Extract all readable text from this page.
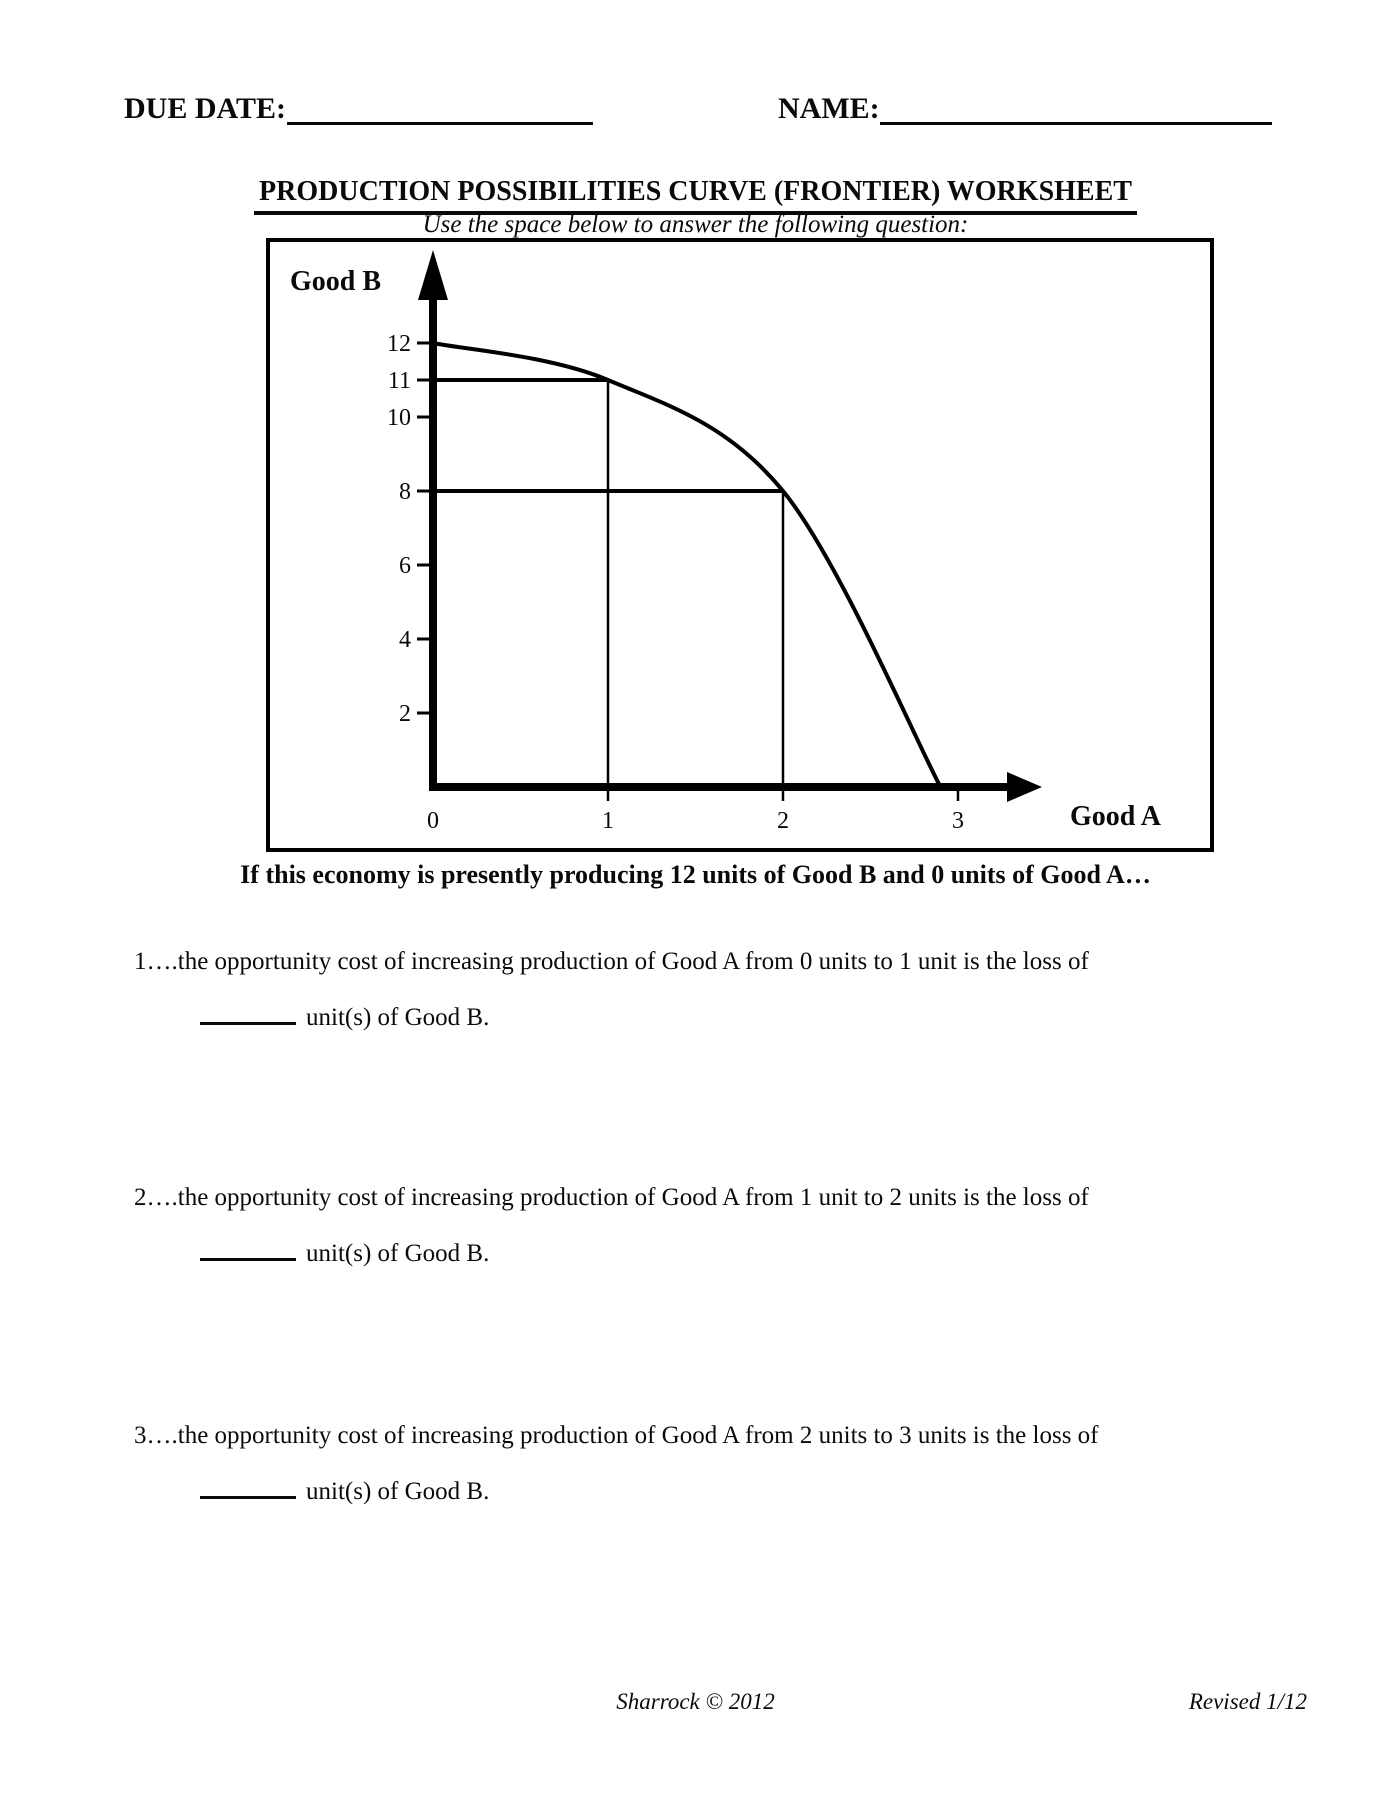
DUE DATE:	NAME:
PRODUCTION POSSIBILITIES CURVE (FRONTIER) WORKSHEET
Use the space below to answer the following question:
12
11
10
8
6
4
2
0	1	2	3
Good B
Good A
If this economy is presently producing 12 units of Good B and 0 units of Good A…
1….the opportunity cost of increasing production of Good A from 0 units to 1 unit is the loss of
unit(s) of Good B.
2….the opportunity cost of increasing production of Good A from 1 unit to 2 units is the loss of
unit(s) of Good B.
3….the opportunity cost of increasing production of Good A from 2 units to 3 units is the loss of
unit(s) of Good B.
Sharrock © 2012	Revised 1/12
